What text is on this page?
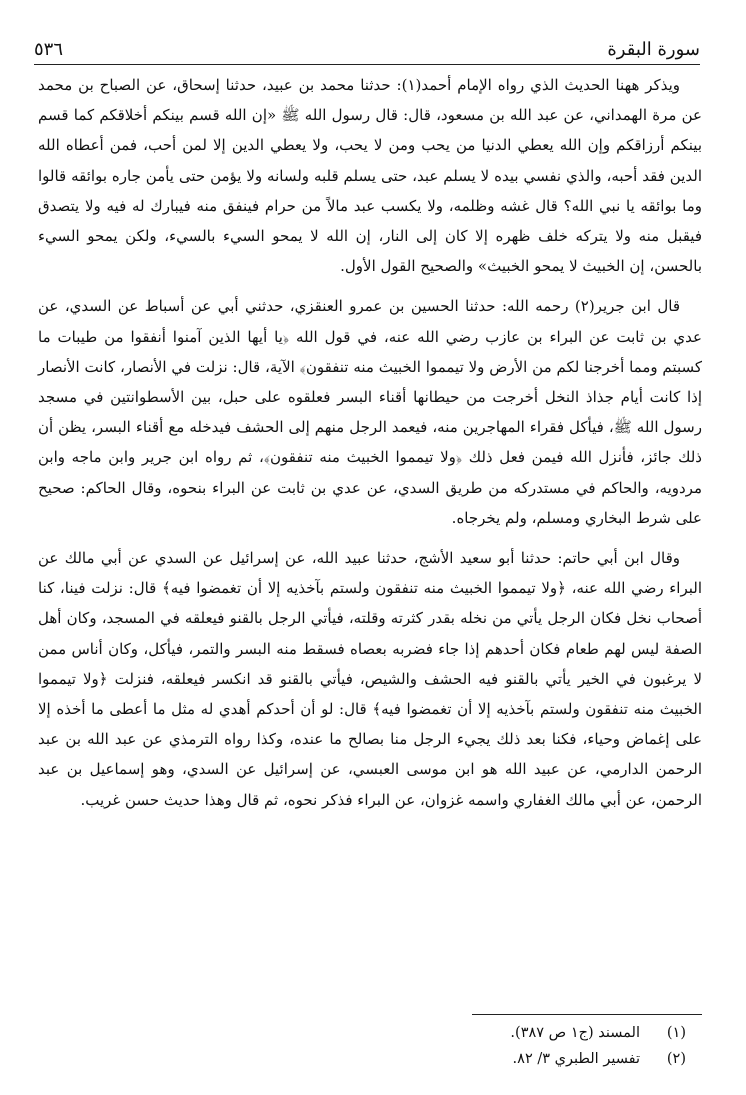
سورة البقرة
٥٣٦

ويذكر ههنا الحديث الذي رواه الإمام أحمد(١): حدثنا محمد بن عبيد، حدثنا إسحاق، عن الصباح بن محمد عن مرة الهمداني، عن عبد الله بن مسعود، قال: قال رسول الله ﷺ «إن الله قسم بينكم أخلاقكم كما قسم بينكم أرزاقكم وإن الله يعطي الدنيا من يحب ومن لا يحب، ولا يعطي الدين إلا لمن أحب، فمن أعطاه الله الدين فقد أحبه، والذي نفسي بيده لا يسلم عبد، حتى يسلم قلبه ولسانه ولا يؤمن حتى يأمن جاره بوائقه قالوا وما بوائقه يا نبي الله؟ قال غشه وظلمه، ولا يكسب عبد مالاً من حرام فينفق منه فيبارك له فيه ولا يتصدق فيقبل منه ولا يتركه خلف ظهره إلا كان إلى النار، إن الله لا يمحو السيء بالسيء، ولكن يمحو السيء بالحسن، إن الخبيث لا يمحو الخبيث» والصحيح القول الأول.

قال ابن جرير(٢) رحمه الله: حدثنا الحسين بن عمرو العنقزي، حدثني أبي عن أسباط عن السدي، عن عدي بن ثابت عن البراء بن عازب رضي الله عنه، في قول الله ﴿يا أيها الذين آمنوا أنفقوا من طيبات ما كسبتم ومما أخرجنا لكم من الأرض ولا تيمموا الخبيث منه تنفقون﴾ الآية، قال: نزلت في الأنصار، كانت الأنصار إذا كانت أيام جذاذ النخل أخرجت من حيطانها أقناء البسر فعلقوه على حبل، بين الأسطوانتين في مسجد رسول الله ﷺ، فيأكل فقراء المهاجرين منه، فيعمد الرجل منهم إلى الحشف فيدخله مع أقناء البسر، يظن أن ذلك جائز، فأنزل الله فيمن فعل ذلك ﴿ولا تيمموا الخبيث منه تنفقون﴾، ثم رواه ابن جرير وابن ماجه وابن مردويه، والحاكم في مستدركه من طريق السدي، عن عدي بن ثابت عن البراء بنحوه، وقال الحاكم: صحيح على شرط البخاري ومسلم، ولم يخرجاه.

وقال ابن أبي حاتم: حدثنا أبو سعيد الأشج، حدثنا عبيد الله، عن إسرائيل عن السدي عن أبي مالك عن البراء رضي الله عنه، ﴿ولا تيمموا الخبيث منه تنفقون ولستم بآخذيه إلا أن تغمضوا فيه﴾ قال: نزلت فينا، كنا أصحاب نخل فكان الرجل يأتي من نخله بقدر كثرته وقلته، فيأتي الرجل بالقنو فيعلقه في المسجد، وكان أهل الصفة ليس لهم طعام فكان أحدهم إذا جاء فضربه بعصاه فسقط منه البسر والتمر، فيأكل، وكان أناس ممن لا يرغبون في الخير يأتي بالقنو فيه الحشف والشيص، فيأتي بالقنو قد انكسر فيعلقه، فنزلت ﴿ولا تيمموا الخبيث منه تنفقون ولستم بآخذيه إلا أن تغمضوا فيه﴾ قال: لو أن أحدكم أهدي له مثل ما أعطى ما أخذه إلا على إغماض وحياء، فكنا بعد ذلك يجيء الرجل منا بصالح ما عنده، وكذا رواه الترمذي عن عبد الله بن عبد الرحمن الدارمي، عن عبيد الله هو ابن موسى العبسي، عن إسرائيل عن السدي، وهو إسماعيل بن عبد الرحمن، عن أبي مالك الغفاري واسمه غزوان، عن البراء فذكر نحوه، ثم قال وهذا حديث حسن غريب.

(١)
المسند (ج١ ص ٣٨٧).
(٢)
تفسير الطبري ٣/ ٨٢.
